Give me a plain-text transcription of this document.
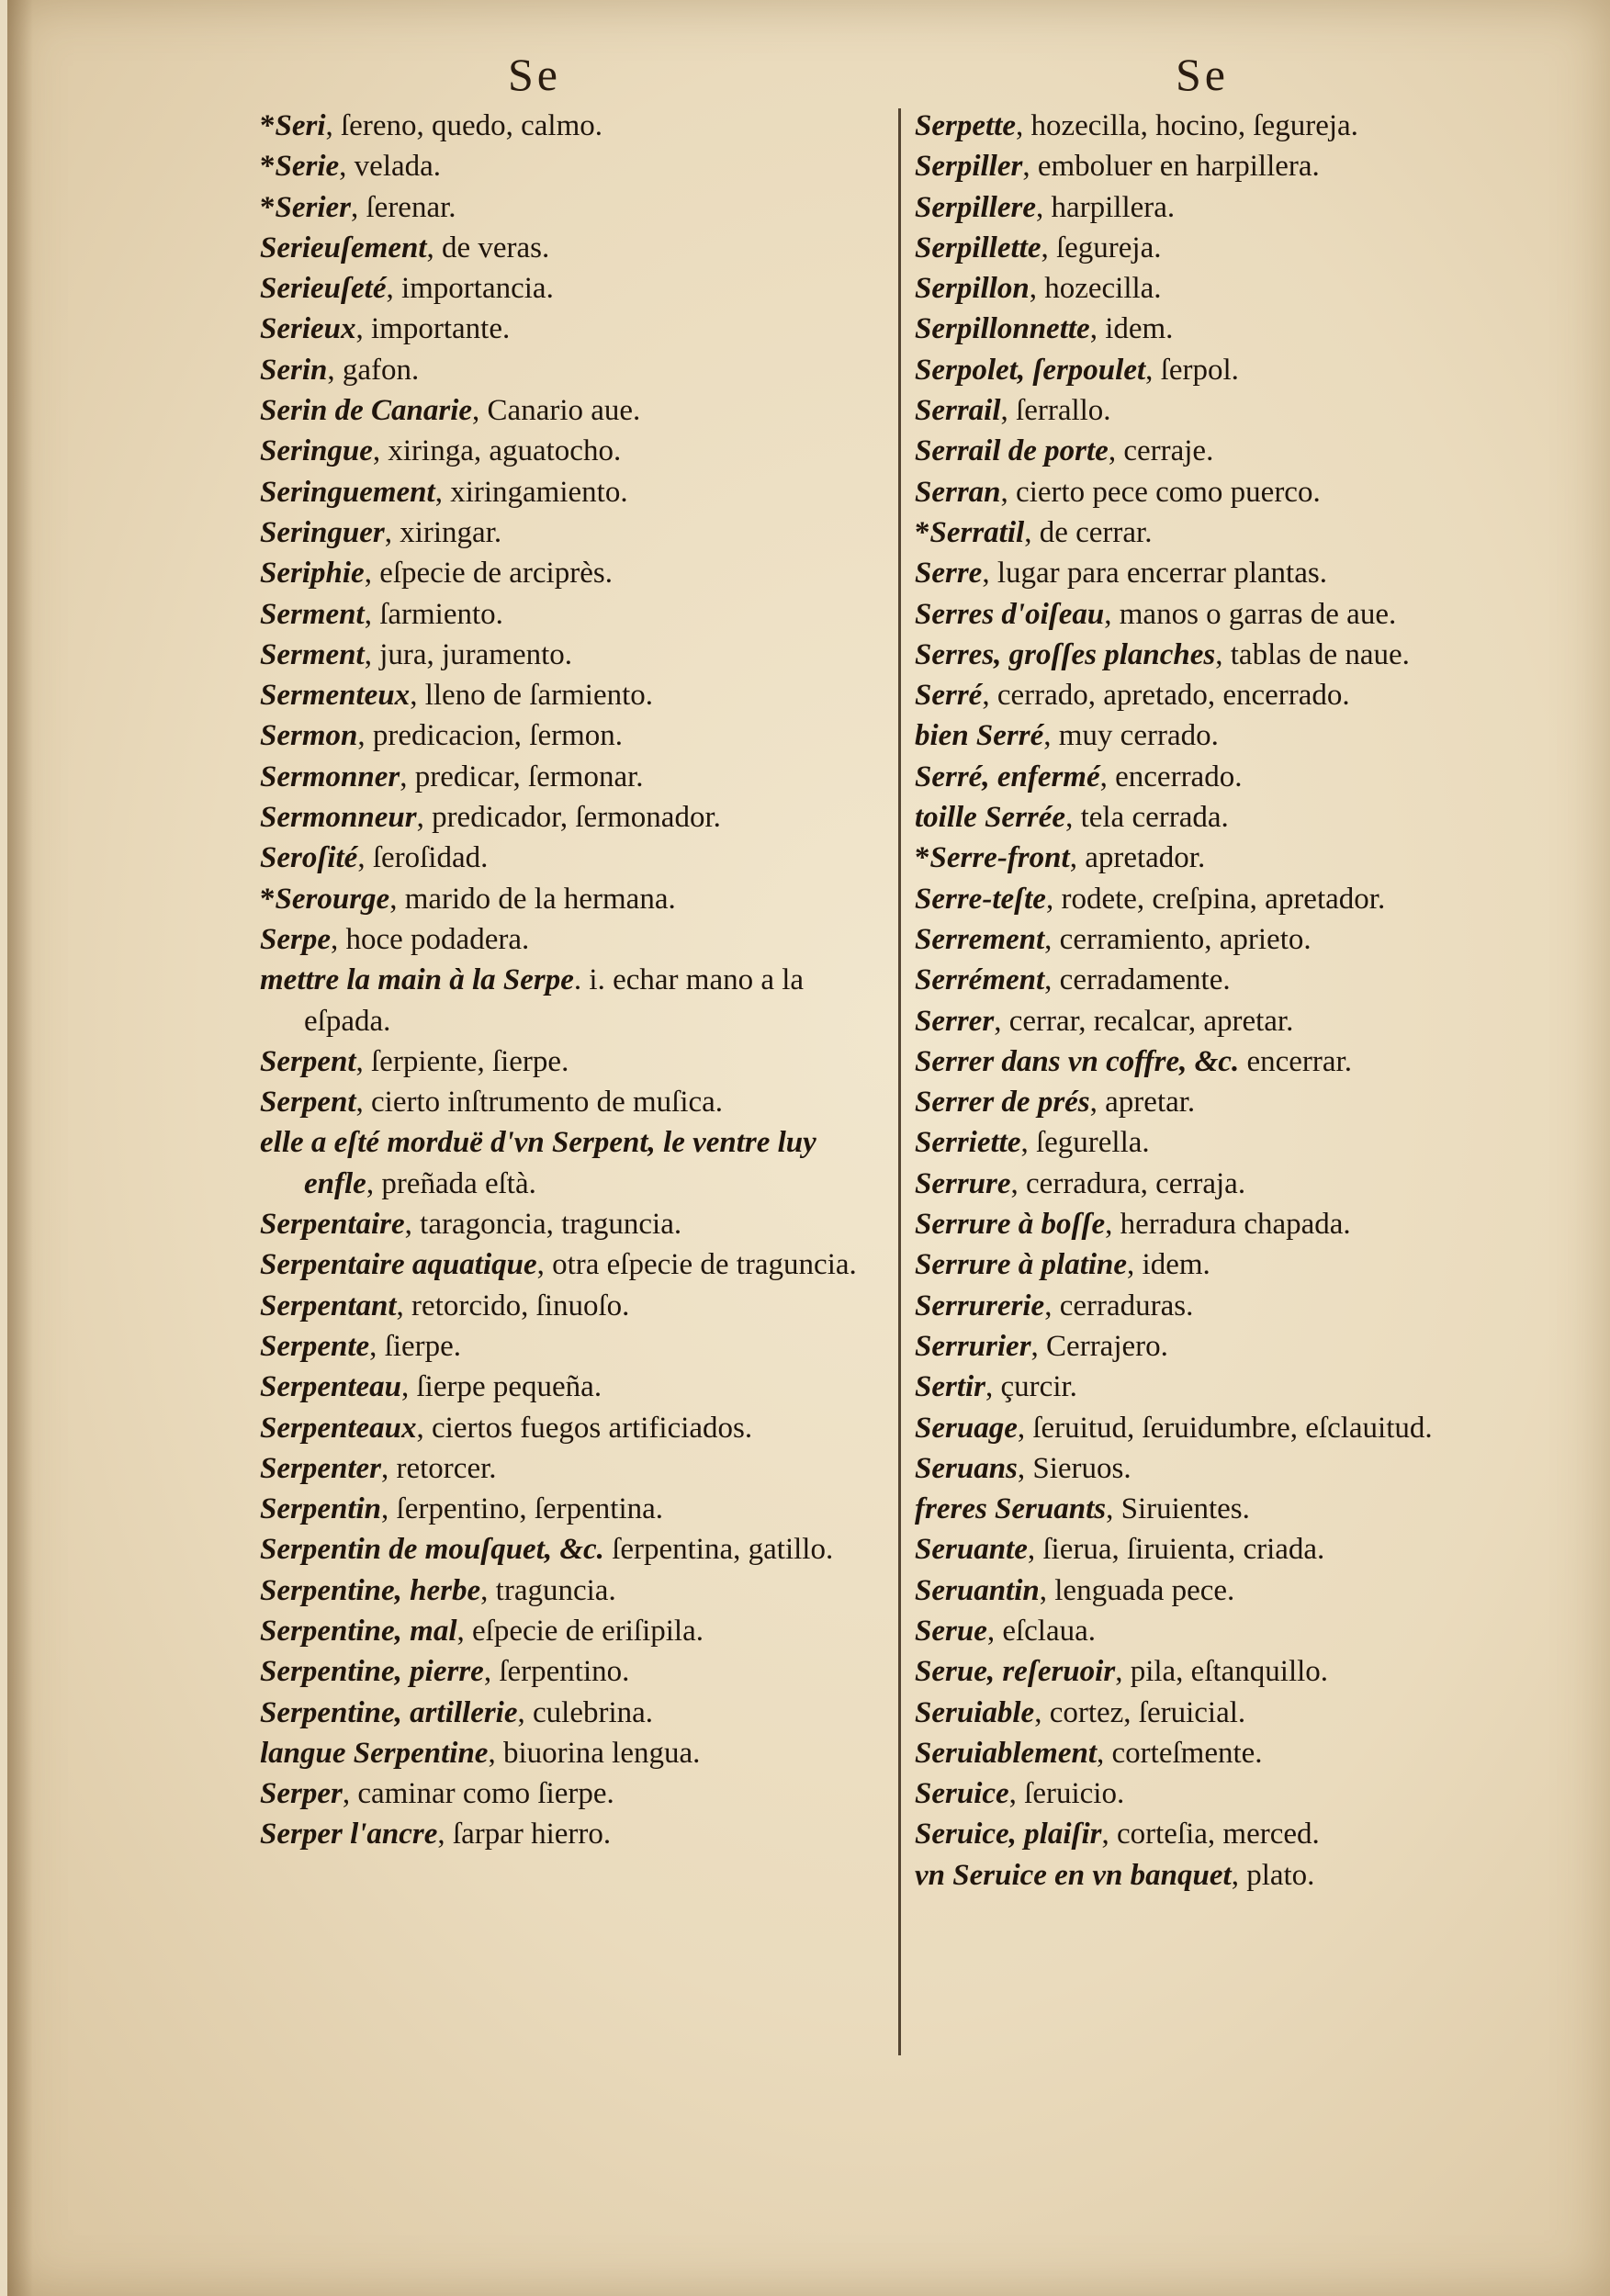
Se	Se
*Seri, ſereno, quedo, calmo.
*Serie, velada.
*Serier, ſerenar.
Serieuſement, de veras.
Serieuſeté, importancia.
Serieux, importante.
Serin, gafon.
Serin de Canarie, Canario aue.
Seringue, xiringa, aguatocho.
Seringuement, xiringamiento.
Seringuer, xiringar.
Seriphie, eſpecie de arciprès.
Serment, ſarmiento.
Serment, jura, juramento.
Sermenteux, lleno de ſarmiento.
Sermon, predicacion, ſermon.
Sermonner, predicar, ſermonar.
Sermonneur, predicador, ſermonador.
Seroſité, ſeroſidad.
*Serourge, marido de la hermana.
Serpe, hoce podadera.
mettre la main à la Serpe. i. echar mano a la eſpada.
Serpent, ſerpiente, ſierpe.
Serpent, cierto inſtrumento de muſica.
elle a eſté morduë d'vn Serpent, le ventre luy enfle, preñada eſtà.
Serpentaire, taragoncia, traguncia.
Serpentaire aquatique, otra eſpecie de traguncia.
Serpentant, retorcido, ſinuoſo.
Serpente, ſierpe.
Serpenteau, ſierpe pequeña.
Serpenteaux, ciertos fuegos artificiados.
Serpenter, retorcer.
Serpentin, ſerpentino, ſerpentina.
Serpentin de mouſquet, &c. ſerpentina, gatillo.
Serpentine, herbe, traguncia.
Serpentine, mal, eſpecie de eriſipila.
Serpentine, pierre, ſerpentino.
Serpentine, artillerie, culebrina.
langue Serpentine, biuorina lengua.
Serper, caminar como ſierpe.
Serper l'ancre, ſarpar hierro.
Serpette, hozecilla, hocino, ſegureja.
Serpiller, emboluer en harpillera.
Serpillere, harpillera.
Serpillette, ſegureja.
Serpillon, hozecilla.
Serpillonnette, idem.
Serpolet, ſerpoulet, ſerpol.
Serrail, ſerrallo.
Serrail de porte, cerraje.
Serran, cierto pece como puerco.
*Serratil, de cerrar.
Serre, lugar para encerrar plantas.
Serres d'oiſeau, manos o garras de aue.
Serres, groſſes planches, tablas de naue.
Serré, cerrado, apretado, encerrado.
bien Serré, muy cerrado.
Serré, enfermé, encerrado.
toille Serrée, tela cerrada.
*Serre-front, apretador.
Serre-teſte, rodete, creſpina, apretador.
Serrement, cerramiento, aprieto.
Serrément, cerradamente.
Serrer, cerrar, recalcar, apretar.
Serrer dans vn coffre, &c. encerrar.
Serrer de prés, apretar.
Serriette, ſegurella.
Serrure, cerradura, cerraja.
Serrure à boſſe, herradura chapada.
Serrure à platine, idem.
Serrurerie, cerraduras.
Serrurier, Cerrajero.
Sertir, çurcir.
Seruage, ſeruitud, ſeruidumbre, eſclauitud.
Seruans, Sieruos.
freres Seruants, Siruientes.
Seruante, ſierua, ſiruienta, criada.
Seruantin, lenguada pece.
Serue, eſclaua.
Serue, reſeruoir, pila, eſtanquillo.
Seruiable, cortez, ſeruicial.
Seruiablement, corteſmente.
Seruice, ſeruicio.
Seruice, plaiſir, corteſia, merced.
vn Seruice en vn banquet, plato.
